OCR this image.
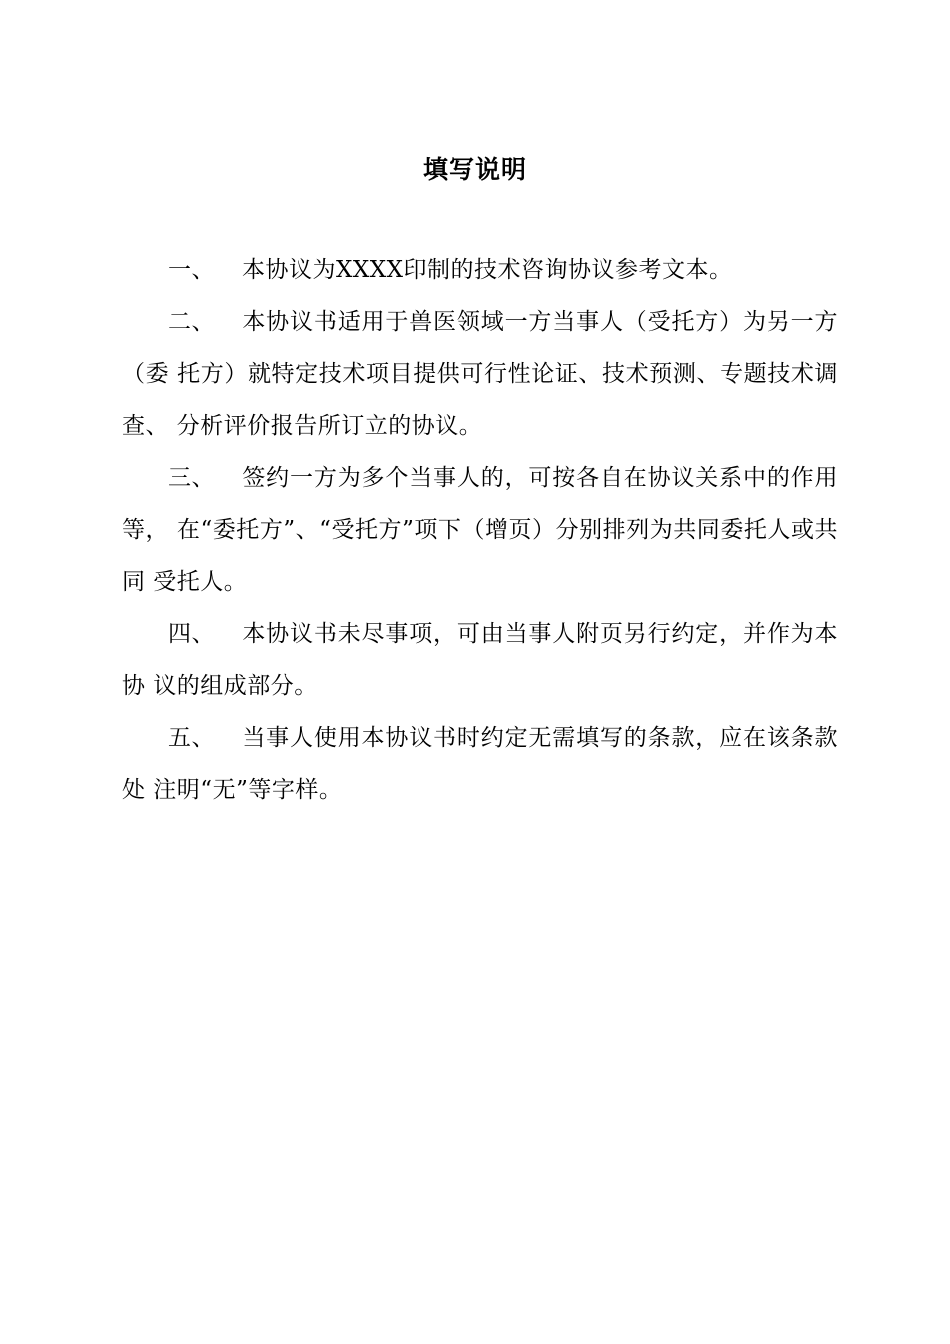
填写说明

一、 本协议为XXXX印制的技术咨询协议参考文本。

二、 本协议书适用于兽医领域一方当事人（受托方）为另一方（委 托方）就特定技术项目提供可行性论证、技术预测、专题技术调查、 分析评价报告所订立的协议。

三、 签约一方为多个当事人的，可按各自在协议关系中的作用等， 在“委托方”、“受托方”项下（增页）分别排列为共同委托人或共同 受托人。

四、 本协议书未尽事项，可由当事人附页另行约定，并作为本协 议的组成部分。

五、 当事人使用本协议书时约定无需填写的条款，应在该条款处 注明“无”等字样。
